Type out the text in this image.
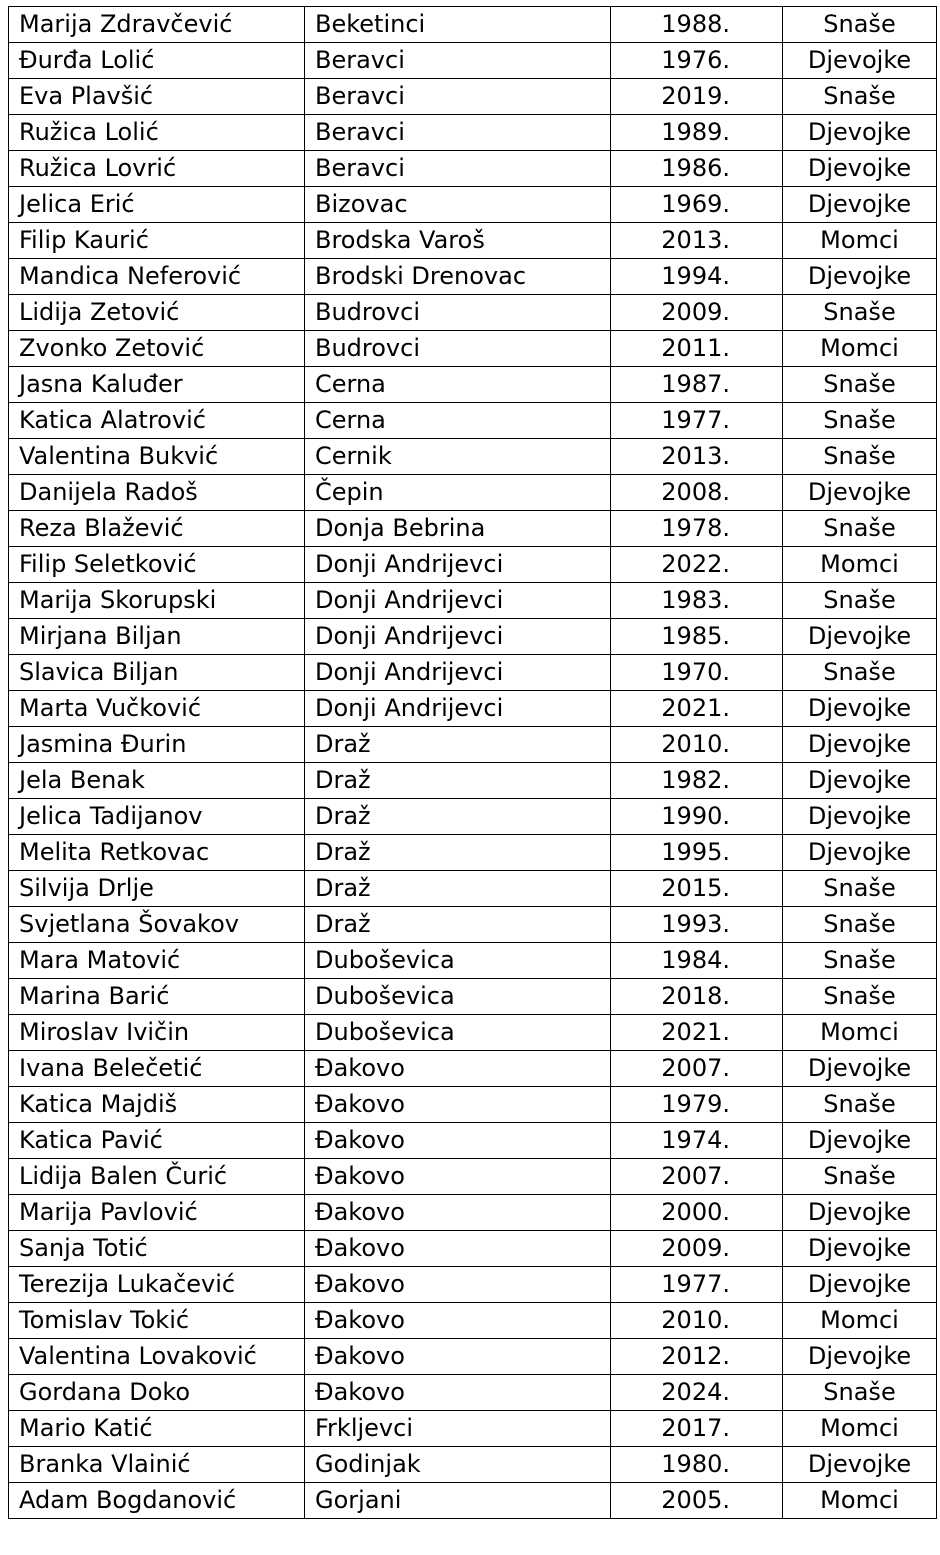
Marija Zdravčević	Beketinci	1988.	Snaše
Đurđa Lolić	Beravci	1976.	Djevojke
Eva Plavšić	Beravci	2019.	Snaše
Ružica Lolić	Beravci	1989.	Djevojke
Ružica Lovrić	Beravci	1986.	Djevojke
Jelica Erić	Bizovac	1969.	Djevojke
Filip Kaurić	Brodska Varoš	2013.	Momci
Mandica Neferović	Brodski Drenovac	1994.	Djevojke
Lidija Zetović	Budrovci	2009.	Snaše
Zvonko Zetović	Budrovci	2011.	Momci
Jasna Kaluđer	Cerna	1987.	Snaše
Katica Alatrović	Cerna	1977.	Snaše
Valentina Bukvić	Cernik	2013.	Snaše
Danijela Radoš	Čepin	2008.	Djevojke
Reza Blažević	Donja Bebrina	1978.	Snaše
Filip Seletković	Donji Andrijevci	2022.	Momci
Marija Skorupski	Donji Andrijevci	1983.	Snaše
Mirjana Biljan	Donji Andrijevci	1985.	Djevojke
Slavica Biljan	Donji Andrijevci	1970.	Snaše
Marta Vučković	Donji Andrijevci	2021.	Djevojke
Jasmina Đurin	Draž	2010.	Djevojke
Jela Benak	Draž	1982.	Djevojke
Jelica Tadijanov	Draž	1990.	Djevojke
Melita Retkovac	Draž	1995.	Djevojke
Silvija Drlje	Draž	2015.	Snaše
Svjetlana Šovakov	Draž	1993.	Snaše
Mara Matović	Duboševica	1984.	Snaše
Marina Barić	Duboševica	2018.	Snaše
Miroslav Ivičin	Duboševica	2021.	Momci
Ivana Belečetić	Đakovo	2007.	Djevojke
Katica Majdiš	Đakovo	1979.	Snaše
Katica Pavić	Đakovo	1974.	Djevojke
Lidija Balen Čurić	Đakovo	2007.	Snaše
Marija Pavlović	Đakovo	2000.	Djevojke
Sanja Totić	Đakovo	2009.	Djevojke
Terezija Lukačević	Đakovo	1977.	Djevojke
Tomislav Tokić	Đakovo	2010.	Momci
Valentina Lovaković	Đakovo	2012.	Djevojke
Gordana Doko	Đakovo	2024.	Snaše
Mario Katić	Frkljevci	2017.	Momci
Branka Vlainić	Godinjak	1980.	Djevojke
Adam Bogdanović	Gorjani	2005.	Momci
